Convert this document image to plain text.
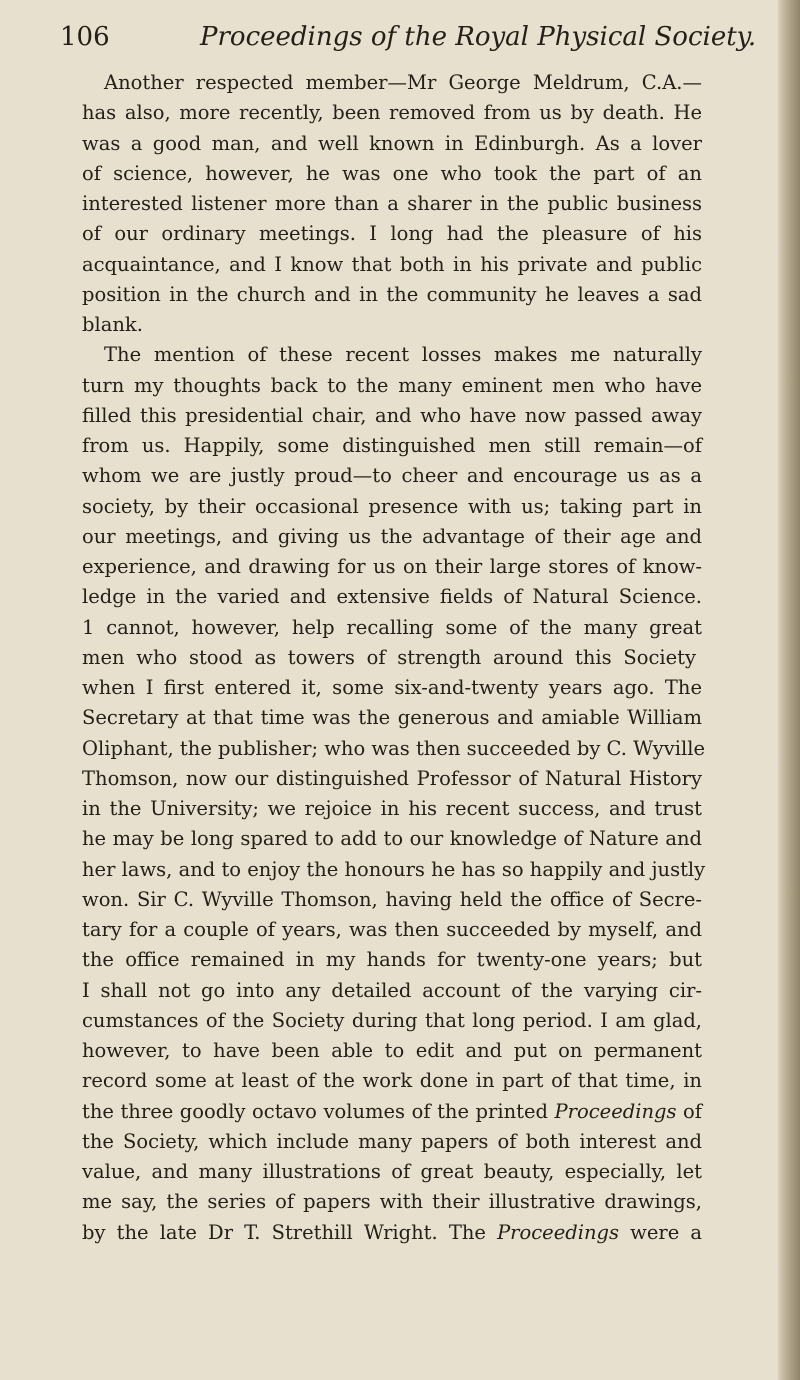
106	Proceedings of the Royal Physical Society.
Another respected member—Mr George Meldrum, C.A.—
has also, more recently, been removed from us by death. He
was a good man, and well known in Edinburgh. As a lover
of science, however, he was one who took the part of an
interested listener more than a sharer in the public business
of our ordinary meetings. I long had the pleasure of his
acquaintance, and I know that both in his private and public
position in the church and in the community he leaves a sad
blank.
The mention of these recent losses makes me naturally
turn my thoughts back to the many eminent men who have
filled this presidential chair, and who have now passed away
from us. Happily, some distinguished men still remain—of
whom we are justly proud—to cheer and encourage us as a
society, by their occasional presence with us; taking part in
our meetings, and giving us the advantage of their age and
experience, and drawing for us on their large stores of know-
ledge in the varied and extensive fields of Natural Science.
1 cannot, however, help recalling some of the many great
men who stood as towers of strength around this Society
when I first entered it, some six-and-twenty years ago. The
Secretary at that time was the generous and amiable William
Oliphant, the publisher; who was then succeeded by C. Wyville
Thomson, now our distinguished Professor of Natural History
in the University; we rejoice in his recent success, and trust
he may be long spared to add to our knowledge of Nature and
her laws, and to enjoy the honours he has so happily and justly
won. Sir C. Wyville Thomson, having held the office of Secre-
tary for a couple of years, was then succeeded by myself, and
the office remained in my hands for twenty-one years; but
I shall not go into any detailed account of the varying cir-
cumstances of the Society during that long period. I am glad,
however, to have been able to edit and put on permanent
record some at least of the work done in part of that time, in
the three goodly octavo volumes of the printed Proceedings of
the Society, which include many papers of both interest and
value, and many illustrations of great beauty, especially, let
me say, the series of papers with their illustrative drawings,
by the late Dr T. Strethill Wright. The Proceedings were a
